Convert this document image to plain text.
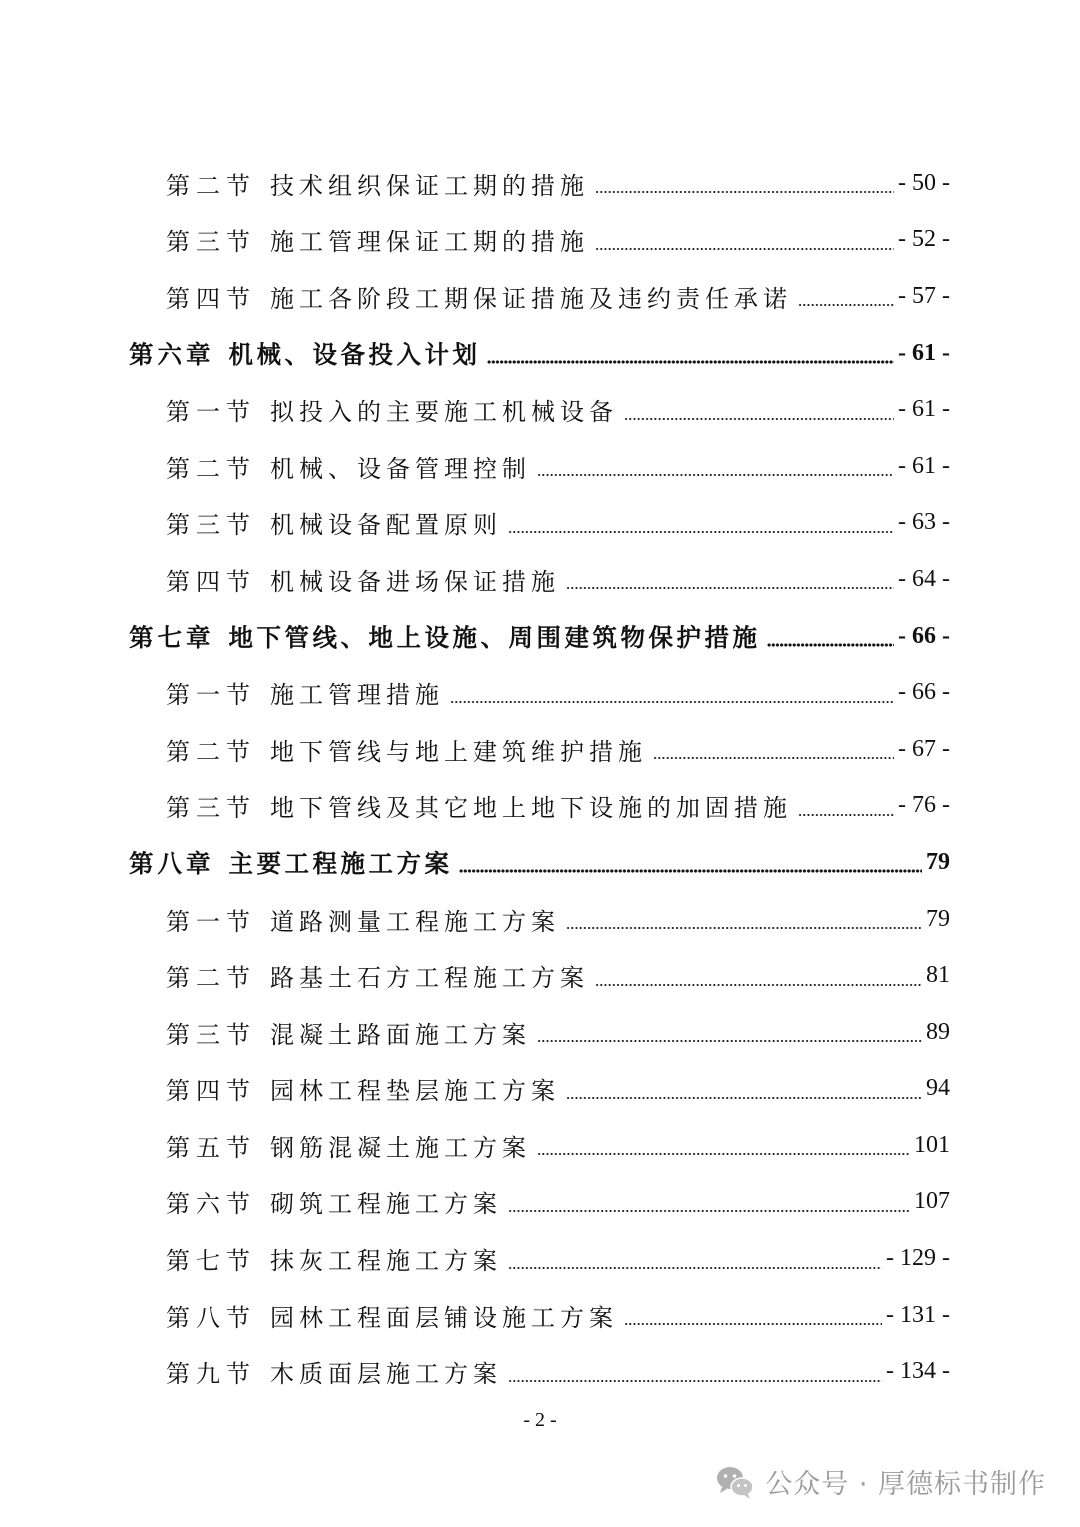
第二节 技术组织保证工期的措施	- 50 -
第三节 施工管理保证工期的措施	- 52 -
第四节 施工各阶段工期保证措施及违约责任承诺	- 57 -
第六章 机械、设备投入计划	- 61 -
第一节 拟投入的主要施工机械设备	- 61 -
第二节 机械、设备管理控制	- 61 -
第三节 机械设备配置原则	- 63 -
第四节 机械设备进场保证措施	- 64 -
第七章 地下管线、地上设施、周围建筑物保护措施	- 66 -
第一节 施工管理措施	- 66 -
第二节 地下管线与地上建筑维护措施	- 67 -
第三节 地下管线及其它地上地下设施的加固措施	- 76 -
第八章 主要工程施工方案	79
第一节 道路测量工程施工方案	79
第二节 路基土石方工程施工方案	81
第三节 混凝土路面施工方案	89
第四节 园林工程垫层施工方案	94
第五节 钢筋混凝土施工方案	101
第六节 砌筑工程施工方案	107
第七节 抹灰工程施工方案	- 129 -
第八节 园林工程面层铺设施工方案	- 131 -
第九节 木质面层施工方案	- 134 -
- 2 -
公众号 · 厚德标书制作
